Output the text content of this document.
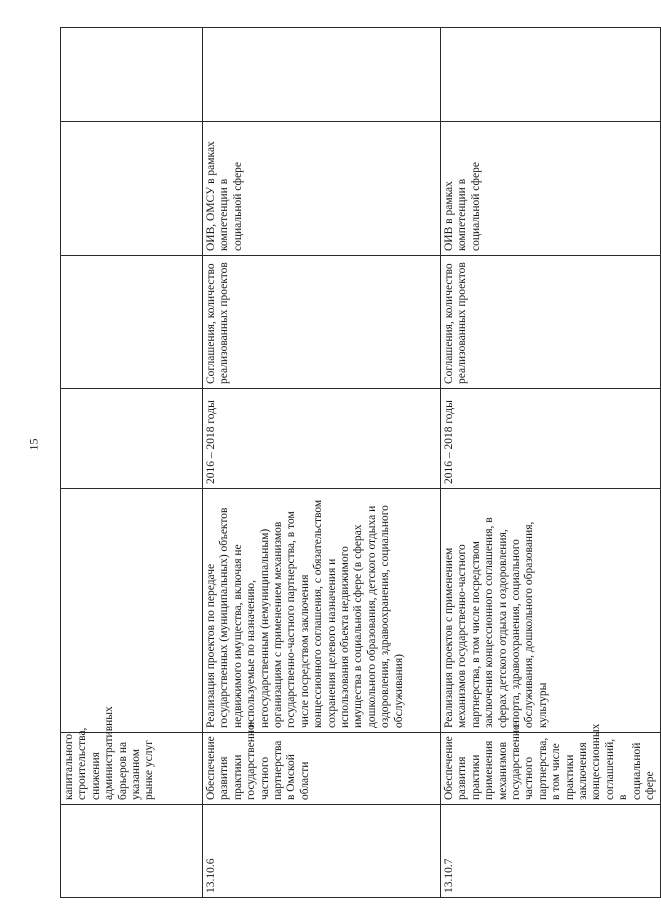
15
	капитального строительства, снижения административных барьеров на указанном рынке услуг					
13.10.6	Обеспечение развития практики государственно-частного партнерства в Омской области	Реализация проектов по передаче государственных (муниципальных) объектов недвижимого имущества, включая не используемые по назначению, негосударственным (немуниципальным) организациям с применением механизмов государственно-частного партнерства, в том числе посредством заключения концессионного соглашения, с обязательством сохранения целевого назначения и использования объекта недвижимого имущества в социальной сфере (в сферах дошкольного образования, детского отдыха и оздоровления, здравоохранения, социального обслуживания)	2016 – 2018 годы	Соглашения, количество реализованных проектов	ОИВ, ОМСУ в рамках компетенции в социальной сфере	
13.10.7	Обеспечение развития практики применения механизмов государственно-частного партнерства, в том числе практики заключения концессионных соглашений, в социальной сфере	Реализация проектов с применением механизмов государственно-частного партнерства, в том числе посредством заключения концессионного соглашения, в сферах детского отдыха и оздоровления, спорта, здравоохранения, социального обслуживания, дошкольного образования, культуры	2016 – 2018 годы	Соглашения, количество реализованных проектов	ОИВ в рамках компетенции в социальной сфере	
